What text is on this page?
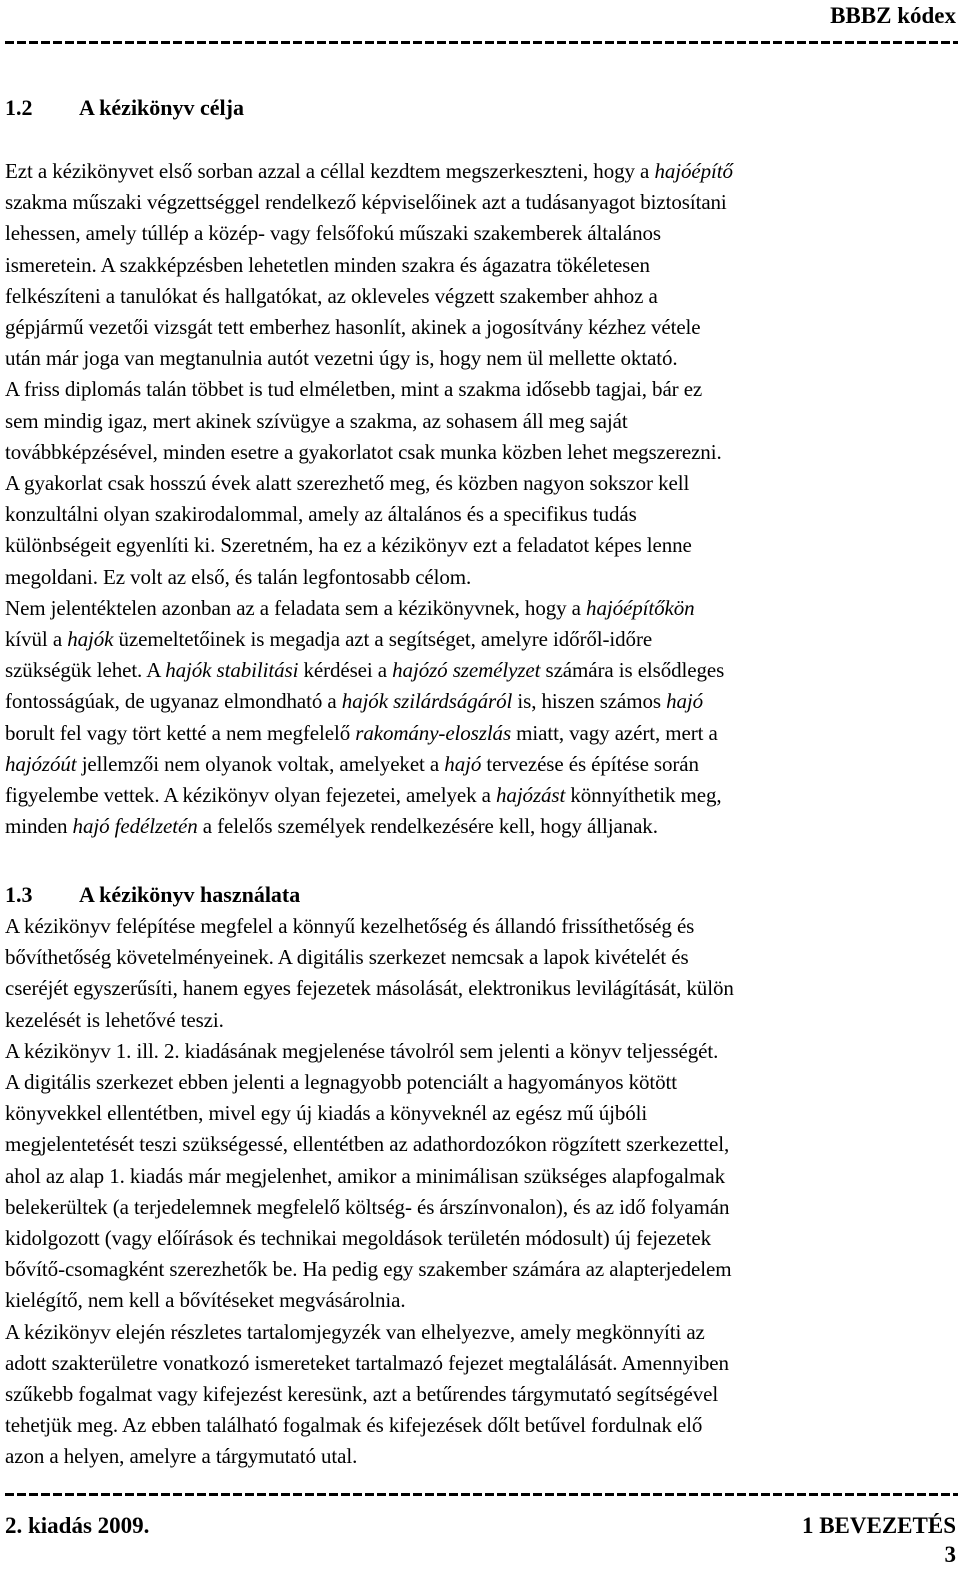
BBBZ kódex
1.2 A kézikönyv célja
Ezt a kézikönyvet első sorban azzal a céllal kezdtem megszerkeszteni, hogy a hajóépítő
szakma műszaki végzettséggel rendelkező képviselőinek azt a tudásanyagot biztosítani
lehessen, amely túllép a közép- vagy felsőfokú műszaki szakemberek általános
ismeretein. A szakképzésben lehetetlen minden szakra és ágazatra tökéletesen
felkészíteni a tanulókat és hallgatókat, az okleveles végzett szakember ahhoz a
gépjármű vezetői vizsgát tett emberhez hasonlít, akinek a jogosítvány kézhez vétele
után már joga van megtanulnia autót vezetni úgy is, hogy nem ül mellette oktató.
A friss diplomás talán többet is tud elméletben, mint a szakma idősebb tagjai, bár ez
sem mindig igaz, mert akinek szívügye a szakma, az sohasem áll meg saját
továbbképzésével, minden esetre a gyakorlatot csak munka közben lehet megszerezni.
A gyakorlat csak hosszú évek alatt szerezhető meg, és közben nagyon sokszor kell
konzultálni olyan szakirodalommal, amely az általános és a specifikus tudás
különbségeit egyenlíti ki. Szeretném, ha ez a kézikönyv ezt a feladatot képes lenne
megoldani. Ez volt az első, és talán legfontosabb célom.
Nem jelentéktelen azonban az a feladata sem a kézikönyvnek, hogy a hajóépítőkön
kívül a hajók üzemeltetőinek is megadja azt a segítséget, amelyre időről-időre
szükségük lehet. A hajók stabilitási kérdései a hajózó személyzet számára is elsődleges
fontosságúak, de ugyanaz elmondható a hajók szilárdságáról is, hiszen számos hajó
borult fel vagy tört ketté a nem megfelelő rakomány-eloszlás miatt, vagy azért, mert a
hajózóút jellemzői nem olyanok voltak, amelyeket a hajó tervezése és építése során
figyelembe vettek. A kézikönyv olyan fejezetei, amelyek a hajózást könnyíthetik meg,
minden hajó fedélzetén a felelős személyek rendelkezésére kell, hogy álljanak.
1.3 A kézikönyv használata
A kézikönyv felépítése megfelel a könnyű kezelhetőség és állandó frissíthetőség és
bővíthetőség követelményeinek. A digitális szerkezet nemcsak a lapok kivételét és
cseréjét egyszerűsíti, hanem egyes fejezetek másolását, elektronikus levilágítását, külön
kezelését is lehetővé teszi.
A kézikönyv 1. ill. 2. kiadásának megjelenése távolról sem jelenti a könyv teljességét.
A digitális szerkezet ebben jelenti a legnagyobb potenciált a hagyományos kötött
könyvekkel ellentétben, mivel egy új kiadás a könyveknél az egész mű újbóli
megjelentetését teszi szükségessé, ellentétben az adathordozókon rögzített szerkezettel,
ahol az alap 1. kiadás már megjelenhet, amikor a minimálisan szükséges alapfogalmak
belekerültek (a terjedelemnek megfelelő költség- és árszínvonalon), és az idő folyamán
kidolgozott (vagy előírások és technikai megoldások területén módosult) új fejezetek
bővítő-csomagként szerezhetők be. Ha pedig egy szakember számára az alapterjedelem
kielégítő, nem kell a bővítéseket megvásárolnia.
A kézikönyv elején részletes tartalomjegyzék van elhelyezve, amely megkönnyíti az
adott szakterületre vonatkozó ismereteket tartalmazó fejezet megtalálását. Amennyiben
szűkebb fogalmat vagy kifejezést keresünk, azt a betűrendes tárgymutató segítségével
tehetjük meg. Az ebben található fogalmak és kifejezések dőlt betűvel fordulnak elő
azon a helyen, amelyre a tárgymutató utal.
2. kiadás 2009.	1 BEVEZETÉS
3
